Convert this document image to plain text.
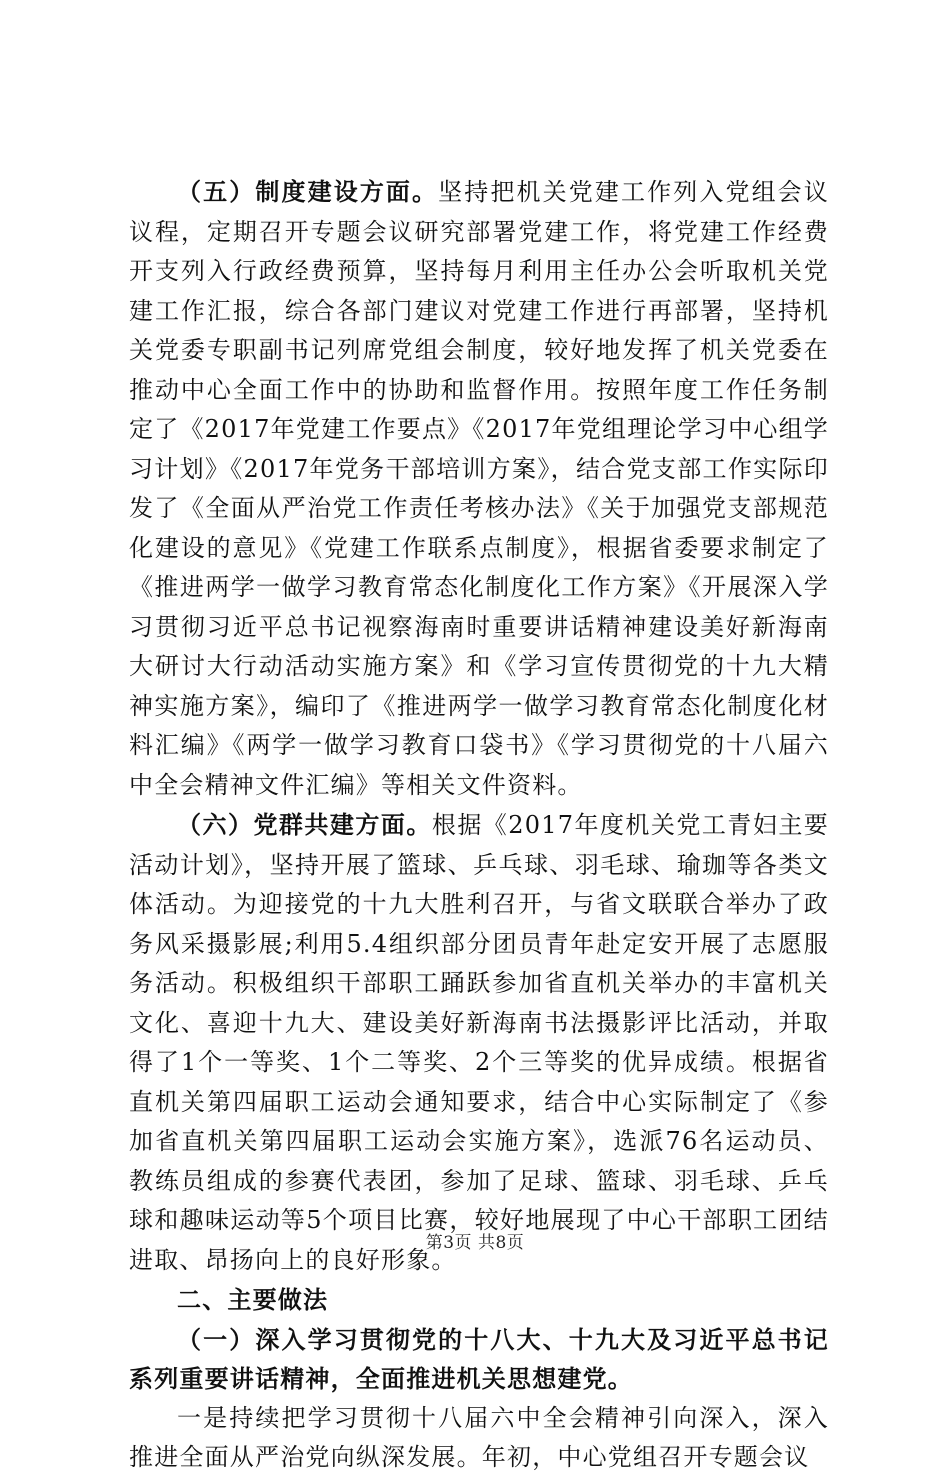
（五）制度建设方面。坚持把机关党建工作列入党组会议议程，定期召开专题会议研究部署党建工作，将党建工作经费开支列入行政经费预算，坚持每月利用主任办公会听取机关党建工作汇报，综合各部门建议对党建工作进行再部署，坚持机关党委专职副书记列席党组会制度，较好地发挥了机关党委在推动中心全面工作中的协助和监督作用。按照年度工作任务制定了《2017年党建工作要点》《2017年党组理论学习中心组学习计划》《2017年党务干部培训方案》，结合党支部工作实际印发了《全面从严治党工作责任考核办法》《关于加强党支部规范化建设的意见》《党建工作联系点制度》，根据省委要求制定了《推进两学一做学习教育常态化制度化工作方案》《开展深入学习贯彻习近平总书记视察海南时重要讲话精神建设美好新海南大研讨大行动活动实施方案》和《学习宣传贯彻党的十九大精神实施方案》，编印了《推进两学一做学习教育常态化制度化材料汇编》《两学一做学习教育口袋书》《学习贯彻党的十八届六中全会精神文件汇编》等相关文件资料。

（六）党群共建方面。根据《2017年度机关党工青妇主要活动计划》，坚持开展了篮球、乒乓球、羽毛球、瑜珈等各类文体活动。为迎接党的十九大胜利召开，与省文联联合举办了政务风采摄影展;利用5.4组织部分团员青年赴定安开展了志愿服务活动。积极组织干部职工踊跃参加省直机关举办的丰富机关文化、喜迎十九大、建设美好新海南书法摄影评比活动，并取得了1个一等奖、1个二等奖、2个三等奖的优异成绩。根据省直机关第四届职工运动会通知要求，结合中心实际制定了《参加省直机关第四届职工运动会实施方案》，选派76名运动员、教练员组成的参赛代表团，参加了足球、篮球、羽毛球、乒乓球和趣味运动等5个项目比赛，较好地展现了中心干部职工团结进取、昂扬向上的良好形象。

二、主要做法

（一）深入学习贯彻党的十八大、十九大及习近平总书记系列重要讲话精神，全面推进机关思想建党。

一是持续把学习贯彻十八届六中全会精神引向深入，深入推进全面从严治党向纵深发展。年初，中心党组召开专题会议

第3页 共8页
